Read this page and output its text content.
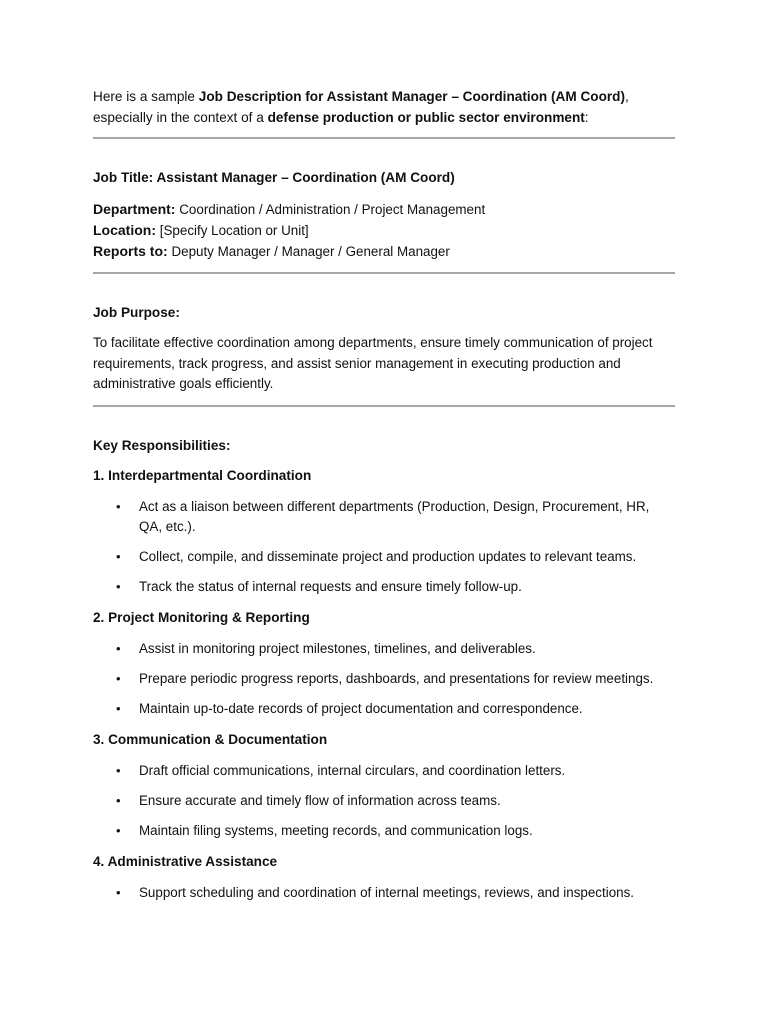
Here is a sample Job Description for Assistant Manager – Coordination (AM Coord),
especially in the context of a defense production or public sector environment:

Job Title: Assistant Manager – Coordination (AM Coord)

Department: Coordination / Administration / Project Management

Location: [Specify Location or Unit]

Reports to: Deputy Manager / Manager / General Manager

Job Purpose:

To facilitate effective coordination among departments, ensure timely communication of project requirements, track progress, and assist senior management in executing production and administrative goals efficiently.

Key Responsibilities:

1. Interdepartmental Coordination

• Act as a liaison between different departments (Production, Design, Procurement, HR, QA, etc.).
• Collect, compile, and disseminate project and production updates to relevant teams.
• Track the status of internal requests and ensure timely follow-up.

2. Project Monitoring & Reporting

• Assist in monitoring project milestones, timelines, and deliverables.
• Prepare periodic progress reports, dashboards, and presentations for review meetings.
• Maintain up-to-date records of project documentation and correspondence.

3. Communication & Documentation

• Draft official communications, internal circulars, and coordination letters.
• Ensure accurate and timely flow of information across teams.
• Maintain filing systems, meeting records, and communication logs.

4. Administrative Assistance

• Support scheduling and coordination of internal meetings, reviews, and inspections.
